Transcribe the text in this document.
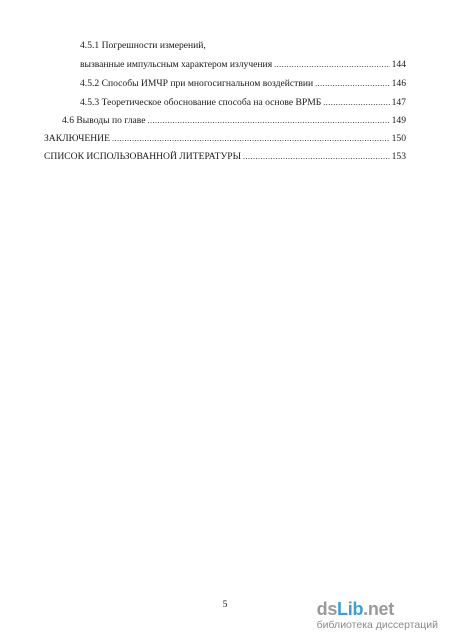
4.5.1 Погрешности измерений,
вызванные импульсным характером излучения .....	144
4.5.2 Способы ИМЧР при многосигнальном воздействии .....	146
4.5.3 Теоретическое обоснование способа на основе ВРМБ .....	147
4.6 Выводы по главе .....	149
ЗАКЛЮЧЕНИЕ .....	150
СПИСОК ИСПОЛЬЗОВАННОЙ ЛИТЕРАТУРЫ .....	153
5	dsLib.net
библиотека диссертаций
